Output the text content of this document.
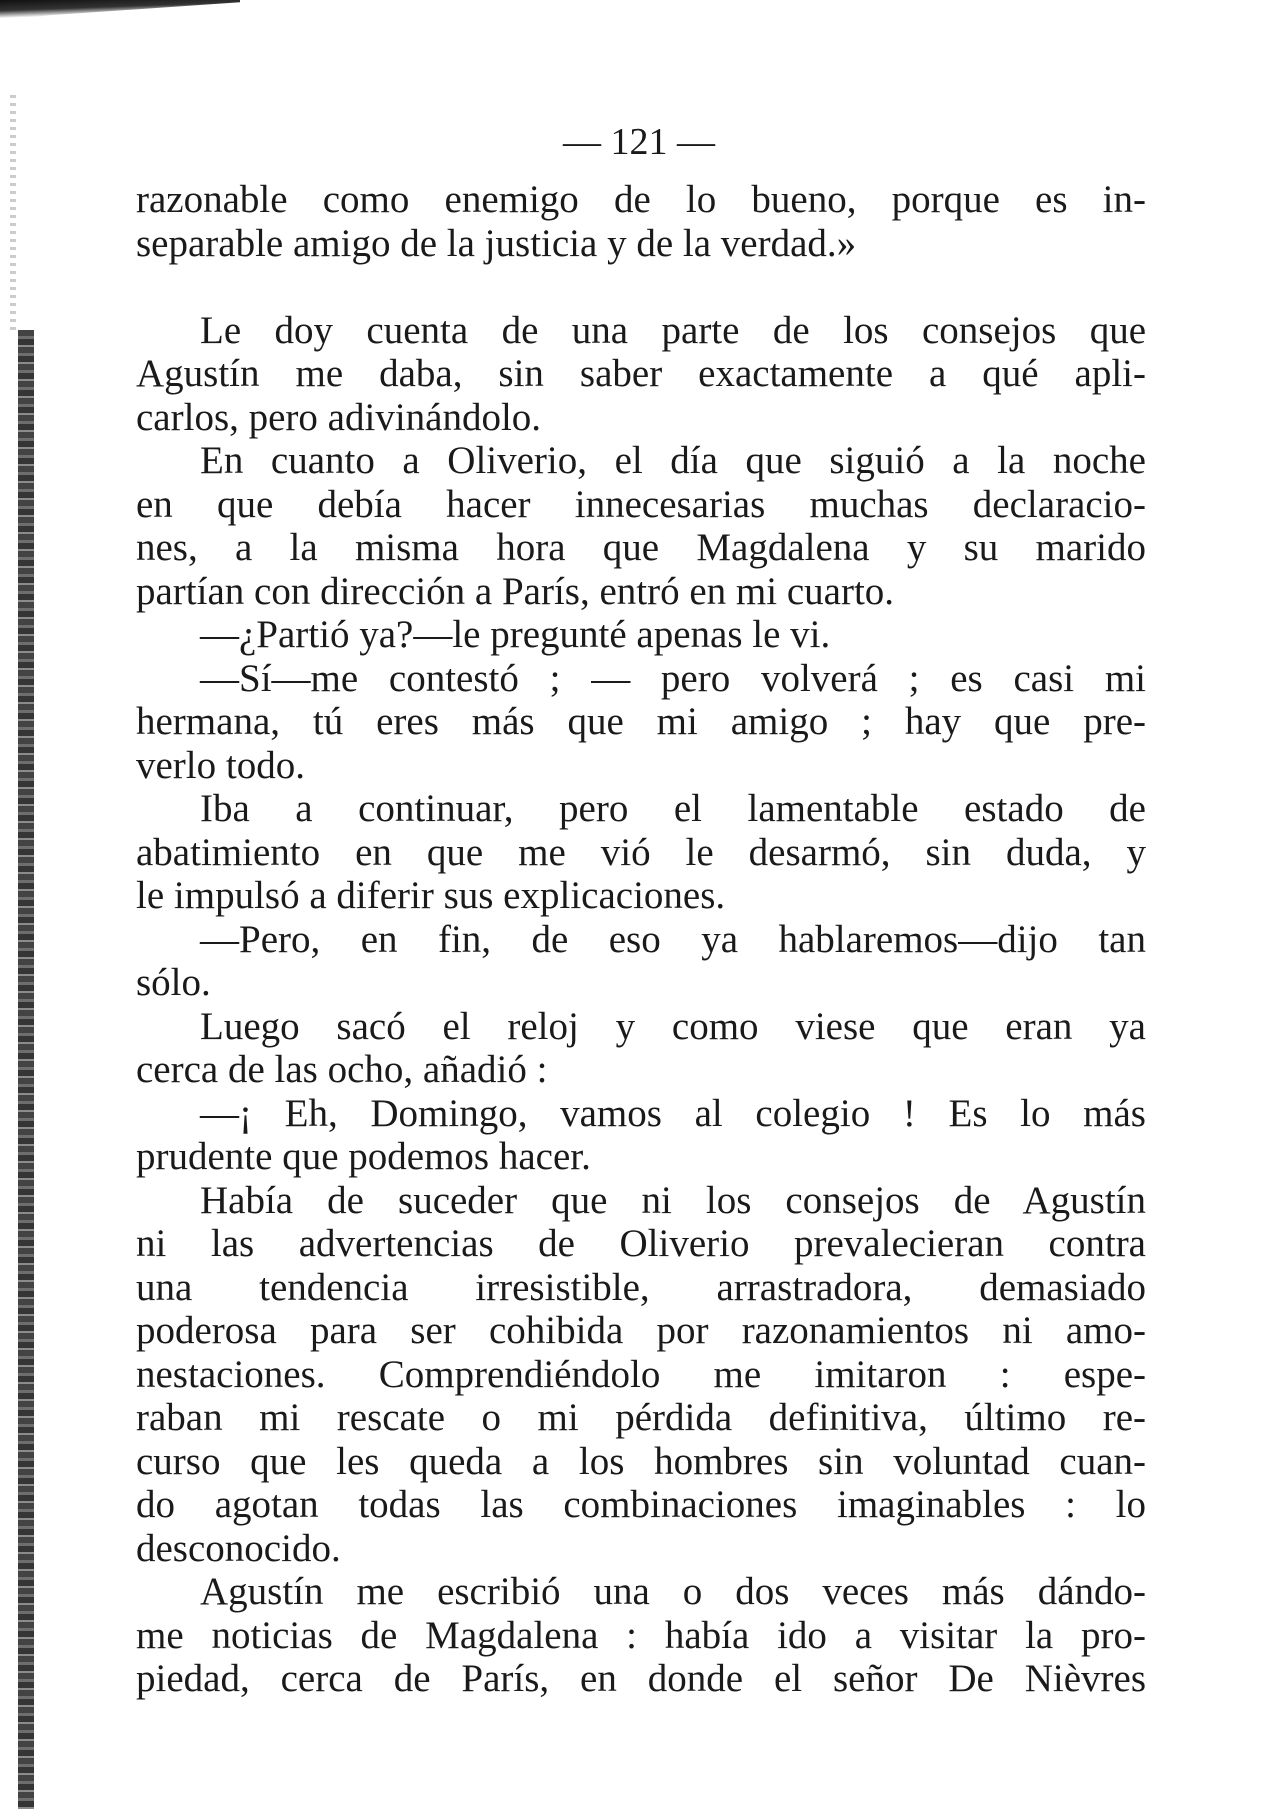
— 121 —
razonable como enemigo de lo bueno, porque es in-
separable amigo de la justicia y de la verdad.»
Le doy cuenta de una parte de los consejos que
Agustín me daba, sin saber exactamente a qué apli-
carlos, pero adivinándolo.
En cuanto a Oliverio, el día que siguió a la noche
en que debía hacer innecesarias muchas declaracio-
nes, a la misma hora que Magdalena y su marido
partían con dirección a París, entró en mi cuarto.
—¿Partió ya?—le pregunté apenas le vi.
—Sí—me contestó ; — pero volverá ; es casi mi
hermana, tú eres más que mi amigo ; hay que pre-
verlo todo.
Iba a continuar, pero el lamentable estado de
abatimiento en que me vió le desarmó, sin duda, y
le impulsó a diferir sus explicaciones.
—Pero, en fin, de eso ya hablaremos—dijo tan
sólo.
Luego sacó el reloj y como viese que eran ya
cerca de las ocho, añadió :
—¡ Eh, Domingo, vamos al colegio ! Es lo más
prudente que podemos hacer.
Había de suceder que ni los consejos de Agustín
ni las advertencias de Oliverio prevalecieran contra
una tendencia irresistible, arrastradora, demasiado
poderosa para ser cohibida por razonamientos ni amo-
nestaciones. Comprendiéndolo me imitaron : espe-
raban mi rescate o mi pérdida definitiva, último re-
curso que les queda a los hombres sin voluntad cuan-
do agotan todas las combinaciones imaginables : lo
desconocido.
Agustín me escribió una o dos veces más dándo-
me noticias de Magdalena : había ido a visitar la pro-
piedad, cerca de París, en donde el señor De Nièvres
